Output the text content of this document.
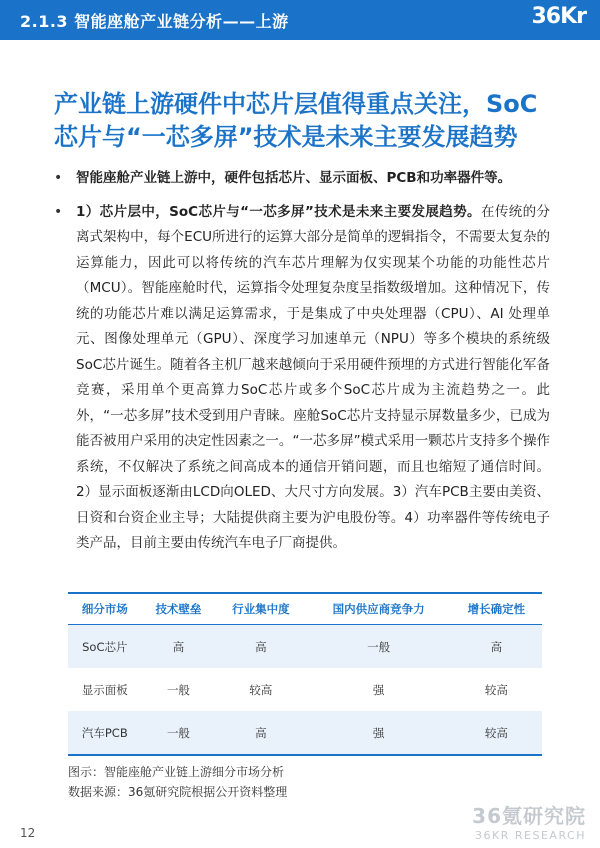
2.1.3 智能座舱产业链分析——上游	36Kr
产业链上游硬件中芯片层值得重点关注，SoC
芯片与“一芯多屏”技术是未来主要发展趋势
• 智能座舱产业链上游中，硬件包括芯片、显示面板、PCB和功率器件等。
• 1）芯片层中，SoC芯片与“一芯多屏”技术是未来主要发展趋势。在传统的分离式架构中，每个ECU所进行的运算大部分是简单的逻辑指令，不需要太复杂的运算能力，因此可以将传统的汽车芯片理解为仅实现某个功能的功能性芯片（MCU）。智能座舱时代，运算指令处理复杂度呈指数级增加。这种情况下，传统的功能芯片难以满足运算需求，于是集成了中央处理器（CPU）、AI 处理单元、图像处理单元（GPU）、深度学习加速单元（NPU）等多个模块的系统级SoC芯片诞生。随着各主机厂越来越倾向于采用硬件预埋的方式进行智能化军备竞赛，采用单个更高算力SoC芯片或多个SoC芯片成为主流趋势之一。此外，“一芯多屏”技术受到用户青睐。座舱SoC芯片支持显示屏数量多少，已成为能否被用户采用的决定性因素之一。“一芯多屏”模式采用一颗芯片支持多个操作系统，不仅解决了系统之间高成本的通信开销问题，而且也缩短了通信时间。2）显示面板逐渐由LCD向OLED、大尺寸方向发展。3）汽车PCB主要由美资、日资和台资企业主导；大陆提供商主要为沪电股份等。4）功率器件等传统电子类产品，目前主要由传统汽车电子厂商提供。
细分市场	技术壁垒	行业集中度	国内供应商竞争力	增长确定性
SoC芯片	高	高	一般	高
显示面板	一般	较高	强	较高
汽车PCB	一般	高	强	较高
图示：智能座舱产业链上游细分市场分析
数据来源：36氪研究院根据公开资料整理
12
36氪研究院
36KR RESEARCH
